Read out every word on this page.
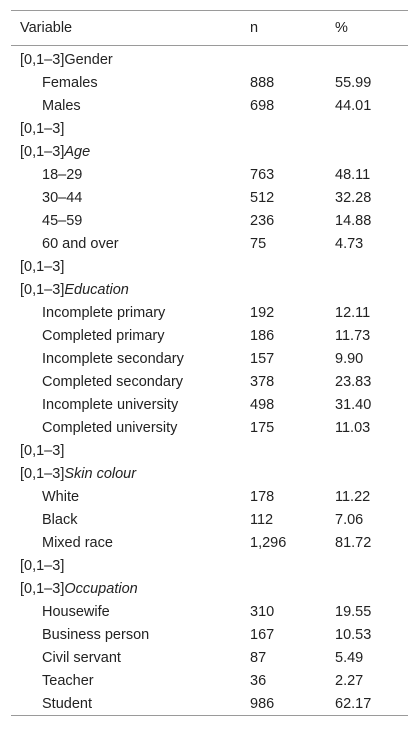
Variable	n	%
[0,1–3]Gender		
Females	888	55.99
Males	698	44.01
[0,1–3]		
[0,1–3]Age		
18–29	763	48.11
30–44	512	32.28
45–59	236	14.88
60 and over	75	4.73
[0,1–3]		
[0,1–3]Education		
Incomplete primary	192	12.11
Completed primary	186	11.73
Incomplete secondary	157	9.90
Completed secondary	378	23.83
Incomplete university	498	31.40
Completed university	175	11.03
[0,1–3]		
[0,1–3]Skin colour		
White	178	11.22
Black	112	7.06
Mixed race	1,296	81.72
[0,1–3]		
[0,1–3]Occupation		
Housewife	310	19.55
Business person	167	10.53
Civil servant	87	5.49
Teacher	36	2.27
Student	986	62.17
